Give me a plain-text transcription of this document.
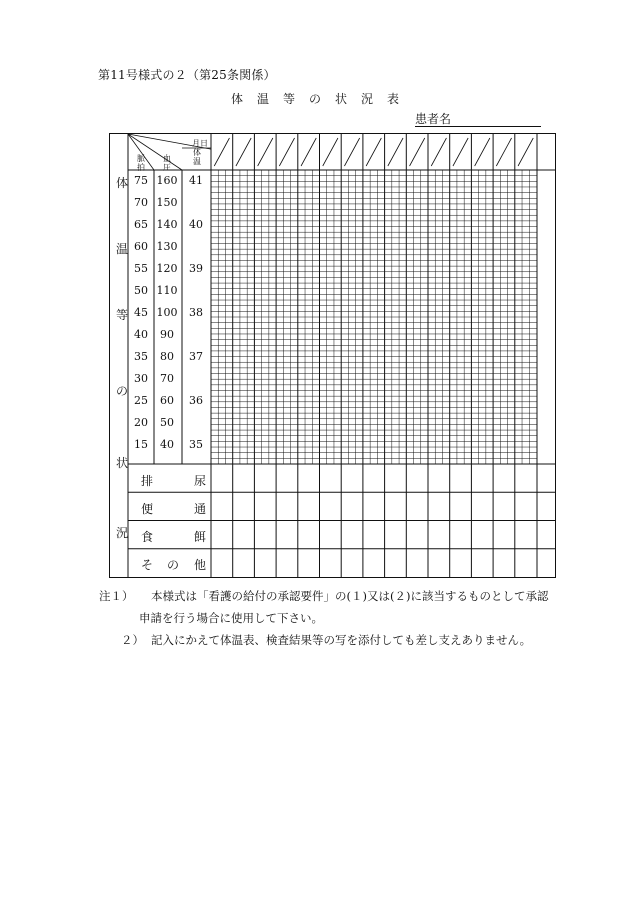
第11号様式の２（第25条関係）
体 温 等 の 状 況 表
患者名
月日
脈拍
血圧
体温
体
温
等
の
状
況
75 160 41
70 150
65 140 40
60 130
55 120 39
50 110
45 100 38
40	90
35	80	37
30	70
25	60	36
20	50
15	40	35
排	尿
便	通
食	餌
そ の 他
注１） 本様式は「看護の給付の承認要件」の(１)又は(２)に該当するものとして承認
申請を行う場合に使用して下さい。
２） 記入にかえて体温表、検査結果等の写を添付しても差し支えありません。
